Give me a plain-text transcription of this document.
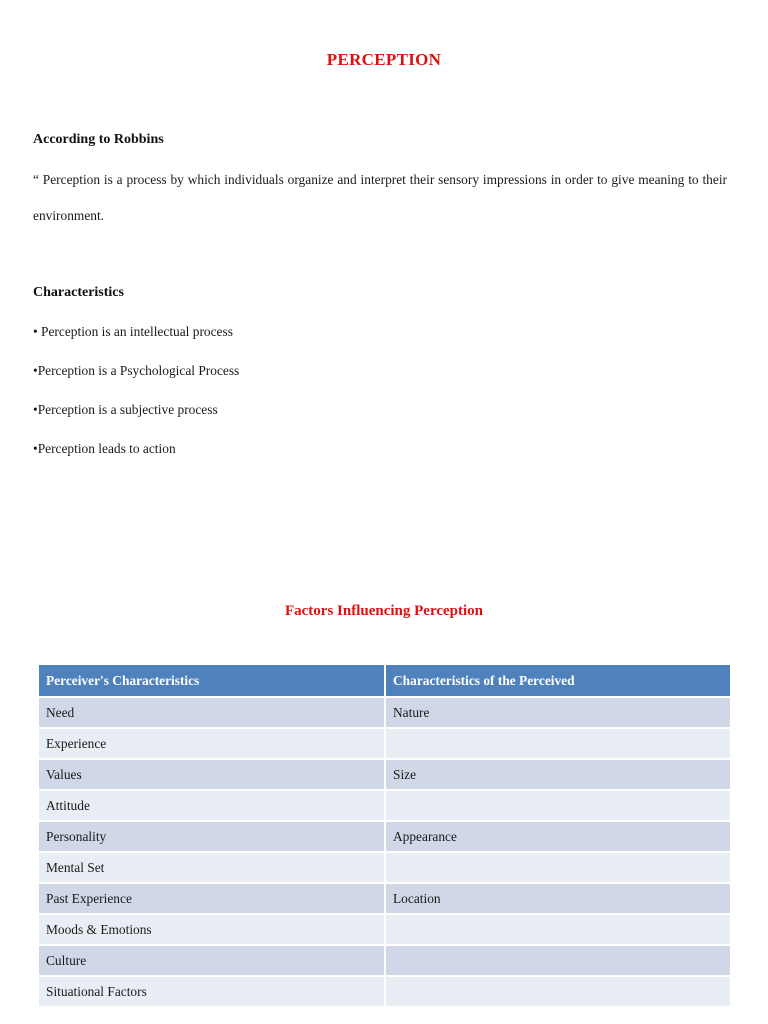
PERCEPTION
According to Robbins
“ Perception is a process by which individuals organize and interpret their sensory impressions in order to give meaning to their environment.
Characteristics
• Perception is an intellectual process
•Perception is a Psychological Process
•Perception is a subjective process
•Perception leads to action
Factors Influencing Perception
Perceiver's Characteristics	Characteristics of the Perceived
Need	Nature
Experience	
Values	Size
Attitude	
Personality	Appearance
Mental Set	
Past Experience	Location
Moods & Emotions	
Culture	
Situational Factors	
